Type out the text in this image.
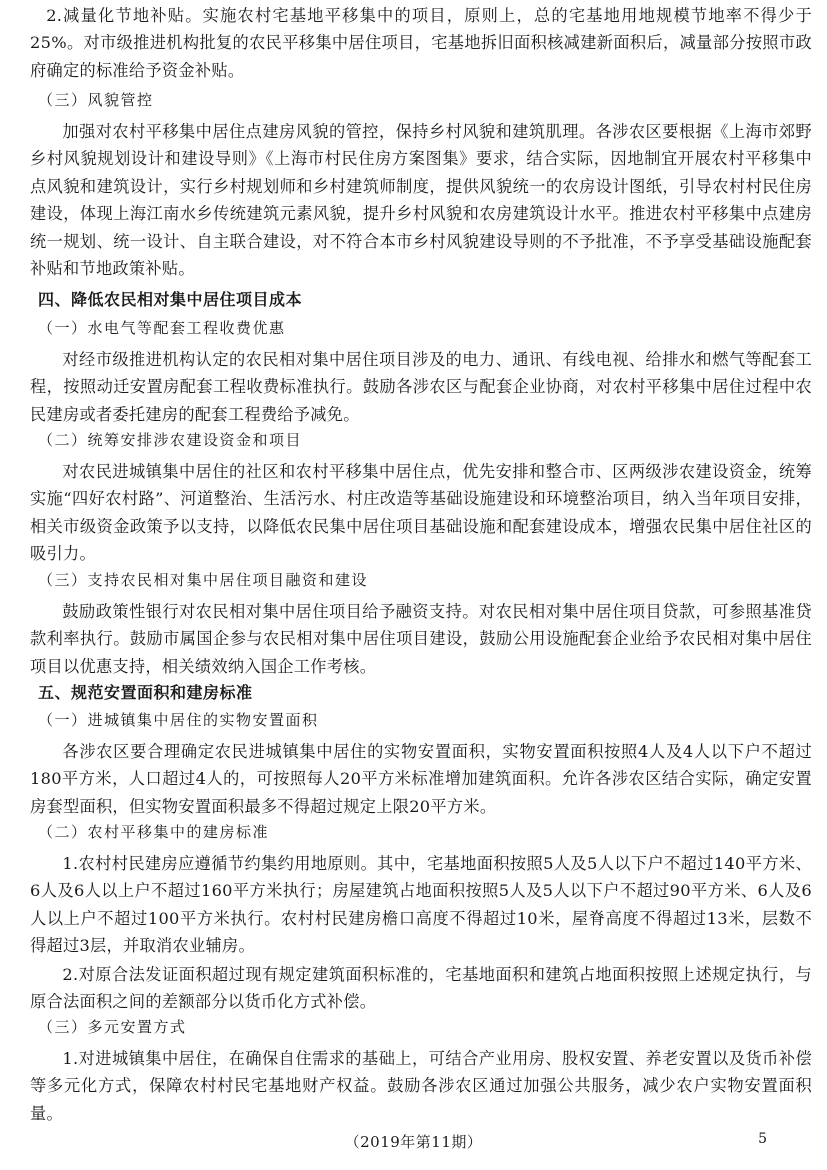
2.减量化节地补贴。实施农村宅基地平移集中的项目，原则上，总的宅基地用地规模节地率不得少于25%。对市级推进机构批复的农民平移集中居住项目，宅基地拆旧面积核减建新面积后，减量部分按照市政府确定的标准给予资金补贴。

（三）风貌管控

加强对农村平移集中居住点建房风貌的管控，保持乡村风貌和建筑肌理。各涉农区要根据《上海市郊野乡村风貌规划设计和建设导则》《上海市村民住房方案图集》要求，结合实际，因地制宜开展农村平移集中点风貌和建筑设计，实行乡村规划师和乡村建筑师制度，提供风貌统一的农房设计图纸，引导农村村民住房建设，体现上海江南水乡传统建筑元素风貌，提升乡村风貌和农房建筑设计水平。推进农村平移集中点建房统一规划、统一设计、自主联合建设，对不符合本市乡村风貌建设导则的不予批准，不予享受基础设施配套补贴和节地政策补贴。

四、降低农民相对集中居住项目成本

（一）水电气等配套工程收费优惠

对经市级推进机构认定的农民相对集中居住项目涉及的电力、通讯、有线电视、给排水和燃气等配套工程，按照动迁安置房配套工程收费标准执行。鼓励各涉农区与配套企业协商，对农村平移集中居住过程中农民建房或者委托建房的配套工程费给予减免。

（二）统筹安排涉农建设资金和项目

对农民进城镇集中居住的社区和农村平移集中居住点，优先安排和整合市、区两级涉农建设资金，统筹实施“四好农村路”、河道整治、生活污水、村庄改造等基础设施建设和环境整治项目，纳入当年项目安排，相关市级资金政策予以支持，以降低农民集中居住项目基础设施和配套建设成本，增强农民集中居住社区的吸引力。

（三）支持农民相对集中居住项目融资和建设

鼓励政策性银行对农民相对集中居住项目给予融资支持。对农民相对集中居住项目贷款，可参照基准贷款利率执行。鼓励市属国企参与农民相对集中居住项目建设，鼓励公用设施配套企业给予农民相对集中居住项目以优惠支持，相关绩效纳入国企工作考核。

五、规范安置面积和建房标准

（一）进城镇集中居住的实物安置面积

各涉农区要合理确定农民进城镇集中居住的实物安置面积，实物安置面积按照4人及4人以下户不超过180平方米，人口超过4人的，可按照每人20平方米标准增加建筑面积。允许各涉农区结合实际，确定安置房套型面积，但实物安置面积最多不得超过规定上限20平方米。

（二）农村平移集中的建房标准

1.农村村民建房应遵循节约集约用地原则。其中，宅基地面积按照5人及5人以下户不超过140平方米、6人及6人以上户不超过160平方米执行；房屋建筑占地面积按照5人及5人以下户不超过90平方米、6人及6人以上户不超过100平方米执行。农村村民建房檐口高度不得超过10米，屋脊高度不得超过13米，层数不得超过3层，并取消农业辅房。

2.对原合法发证面积超过现有规定建筑面积标准的，宅基地面积和建筑占地面积按照上述规定执行，与原合法面积之间的差额部分以货币化方式补偿。

（三）多元安置方式

1.对进城镇集中居住，在确保自住需求的基础上，可结合产业用房、股权安置、养老安置以及货币补偿等多元化方式，保障农村村民宅基地财产权益。鼓励各涉农区通过加强公共服务，减少农户实物安置面积量。

（2019年第11期）	5
